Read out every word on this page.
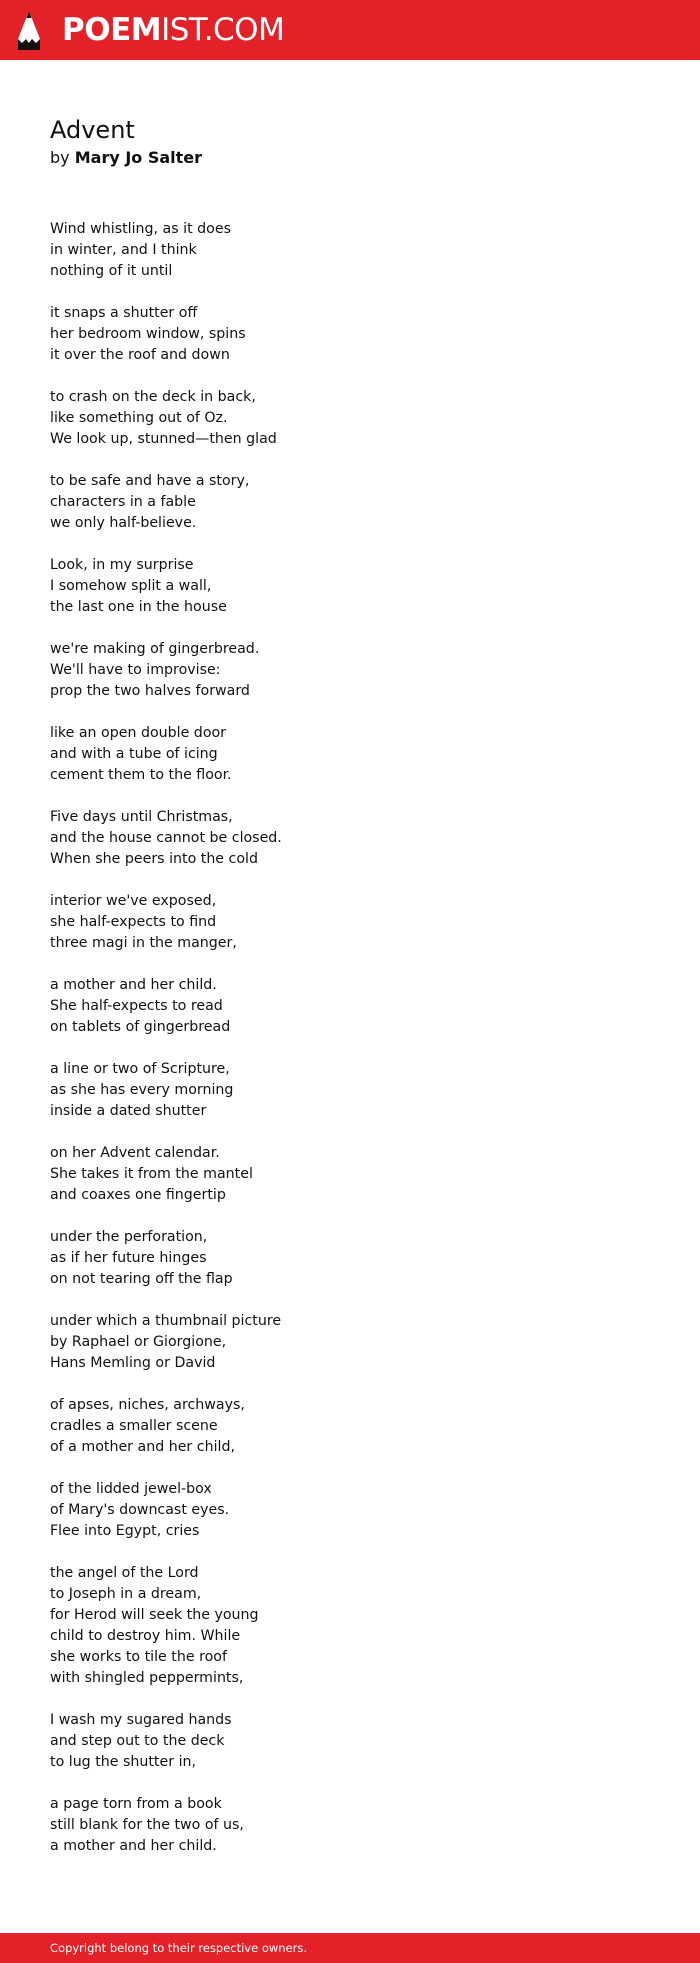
POEMIST.COM
Advent
by Mary Jo Salter
Wind whistling, as it does
in winter, and I think
nothing of it until
it snaps a shutter off
her bedroom window, spins
it over the roof and down
to crash on the deck in back,
like something out of Oz.
We look up, stunned—then glad
to be safe and have a story,
characters in a fable
we only half-believe.
Look, in my surprise
I somehow split a wall,
the last one in the house
we're making of gingerbread.
We'll have to improvise:
prop the two halves forward
like an open double door
and with a tube of icing
cement them to the floor.
Five days until Christmas,
and the house cannot be closed.
When she peers into the cold
interior we've exposed,
she half-expects to find
three magi in the manger,
a mother and her child.
She half-expects to read
on tablets of gingerbread
a line or two of Scripture,
as she has every morning
inside a dated shutter
on her Advent calendar.
She takes it from the mantel
and coaxes one fingertip
under the perforation,
as if her future hinges
on not tearing off the flap
under which a thumbnail picture
by Raphael or Giorgione,
Hans Memling or David
of apses, niches, archways,
cradles a smaller scene
of a mother and her child,
of the lidded jewel-box
of Mary's downcast eyes.
Flee into Egypt, cries
the angel of the Lord
to Joseph in a dream,
for Herod will seek the young
child to destroy him. While
she works to tile the roof
with shingled peppermints,
I wash my sugared hands
and step out to the deck
to lug the shutter in,
a page torn from a book
still blank for the two of us,
a mother and her child.
Copyright belong to their respective owners.
